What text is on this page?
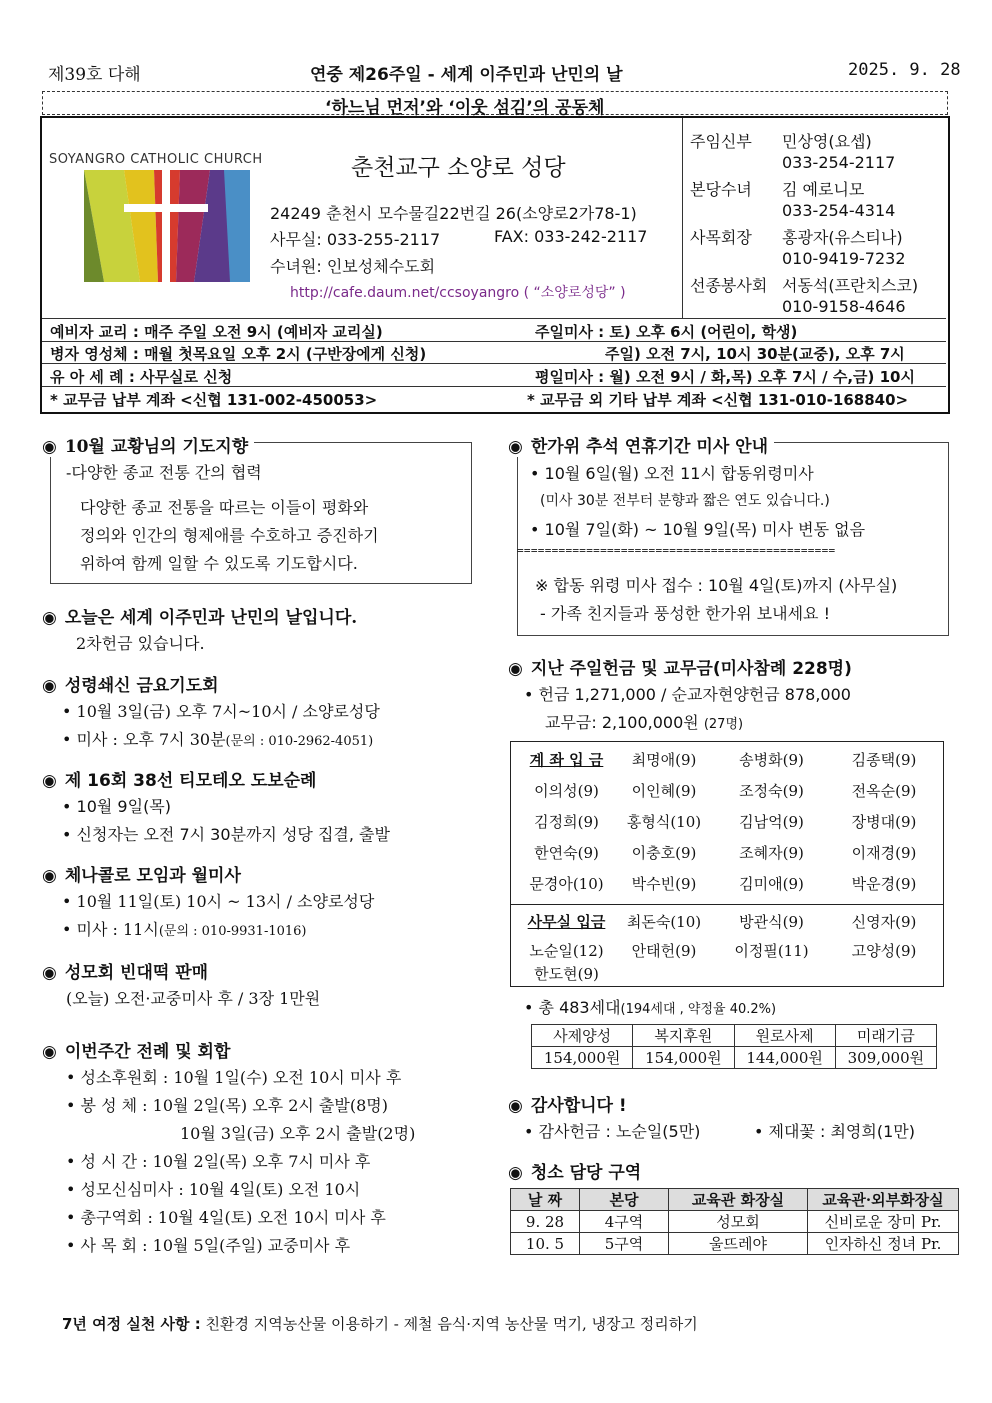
제39호 다해	연중 제26주일 - 세계 이주민과 난민의 날	2025. 9. 28
‘하느님 먼저’와 ‘이웃 섬김’의 공동체
SOYANGRO CATHOLIC CHURCH	춘천교구 소양로 성당
24249 춘천시 모수물길22번길 26(소양로2가78-1)
사무실: 033-255-2117	FAX: 033-242-2117
수녀원: 인보성체수도회
http://cafe.daum.net/ccsoyangro ( “소양로성당” )
주임신부 민상영(요셉)
033-254-2117
본당수녀 김 예로니모
033-254-4314
사목회장 홍광자(유스티나)
010-9419-7232
선종봉사회 서동석(프란치스코)
010-9158-4646
예비자 교리 : 매주 주일 오전 9시 (예비자 교리실)	주일미사 : 토) 오후 6시 (어린이, 학생)
병자 영성체 : 매월 첫목요일 오후 2시 (구반장에게 신청)	주일) 오전 7시, 10시 30분(교중), 오후 7시
유 아 세 례 : 사무실로 신청	평일미사 : 월) 오전 9시 / 화,목) 오후 7시 / 수,금) 10시
* 교무금 납부 계좌 <신협 131-002-450053>	* 교무금 외 기타 납부 계좌 <신협 131-010-168840>
◉ 10월 교황님의 기도지향
-다양한 종교 전통 간의 협력
다양한 종교 전통을 따르는 이들이 평화와
정의와 인간의 형제애를 수호하고 증진하기
위하여 함께 일할 수 있도록 기도합시다.
◉ 오늘은 세계 이주민과 난민의 날입니다.
2차헌금 있습니다.
◉ 성령쇄신 금요기도회
• 10월 3일(금) 오후 7시~10시 / 소양로성당
• 미사 : 오후 7시 30분(문의 : 010-2962-4051)
◉ 제 16회 38선 티모테오 도보순례
• 10월 9일(목)
• 신청자는 오전 7시 30분까지 성당 집결, 출발
◉ 체나콜로 모임과 월미사
• 10월 11일(토) 10시 ~ 13시 / 소양로성당
• 미사 : 11시(문의 : 010-9931-1016)
◉ 성모회 빈대떡 판매
(오늘) 오전·교중미사 후 / 3장 1만원
◉ 이번주간 전례 및 회합
• 성소후원회 : 10월 1일(수) 오전 10시 미사 후
• 봉 성 체 : 10월 2일(목) 오후 2시 출발(8명)
10월 3일(금) 오후 2시 출발(2명)
• 성 시 간 : 10월 2일(목) 오후 7시 미사 후
• 성모신심미사 : 10월 4일(토) 오전 10시
• 총구역회 : 10월 4일(토) 오전 10시 미사 후
• 사 목 회 : 10월 5일(주일) 교중미사 후
◉ 한가위 추석 연휴기간 미사 안내
• 10월 6일(월) 오전 11시 합동위령미사
(미사 30분 전부터 분향과 짧은 연도 있습니다.)
• 10월 7일(화) ~ 10월 9일(목) 미사 변동 없음
==============================================
※ 합동 위령 미사 접수 : 10월 4일(토)까지 (사무실)
- 가족 친지들과 풍성한 한가위 보내세요 !
◉ 지난 주일헌금 및 교무금(미사참례 228명)
• 헌금 1,271,000 / 순교자현양헌금 878,000
교무금: 2,100,000원 (27명)
계 좌 입 금	최명애(9)	송병화(9)	김종택(9)
이의성(9)	이인혜(9)	조정숙(9)	전옥순(9)
김정희(9)	홍형식(10)	김남억(9)	장병대(9)
한연숙(9)	이충호(9)	조혜자(9)	이재경(9)
문경아(10)	박수빈(9)	김미애(9)	박운경(9)
사무실 입금	최돈숙(10)	방관식(9)	신영자(9)
노순일(12)	안태헌(9)	이정필(11)	고양성(9)
한도현(9)			
• 총 483세대(194세대 , 약정율 40.2%)
사제양성	복지후원	원로사제	미래기금
154,000원	154,000원	144,000원	309,000원
◉ 감사합니다 !
• 감사헌금 : 노순일(5만)	• 제대꽃 : 최영희(1만)
◉ 청소 담당 구역
날 짜	본당	교육관 화장실	교육관·외부화장실
9. 28	4구역	성모회	신비로운 장미 Pr.
10. 5	5구역	울뜨레야	인자하신 정녀 Pr.
7년 여정 실천 사항 : 친환경 지역농산물 이용하기 - 제철 음식·지역 농산물 먹기, 냉장고 정리하기
